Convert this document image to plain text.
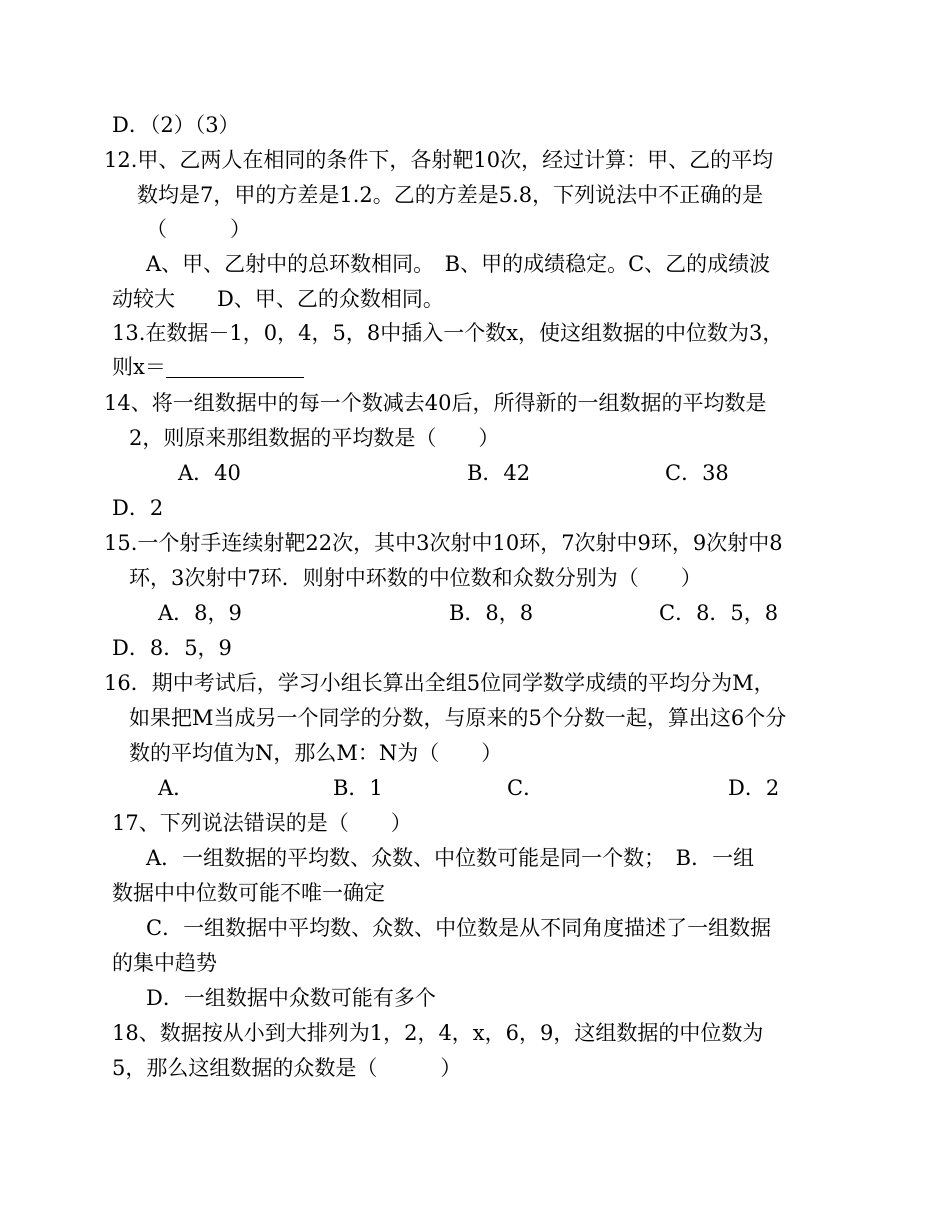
D．（2）（3）
12.甲、乙两人在相同的条件下，各射靶10次，经过计算：甲、乙的平均
数均是7，甲的方差是1.2。乙的方差是5.8，下列说法中不正确的是
（　　　）
A、甲、乙射中的总环数相同。　B、甲的成绩稳定。C、乙的成绩波
动较大　　D、甲、乙的众数相同。
13.在数据－1，0，4，5，8中插入一个数x，使这组数据的中位数为3，
则x＝
14、将一组数据中的每一个数减去40后，所得新的一组数据的平均数是
2，则原来那组数据的平均数是（　　）
A．40	B．42	C．38
D．2
15.一个射手连续射靶22次，其中3次射中10环，7次射中9环，9次射中8
环，3次射中7环．则射中环数的中位数和众数分别为（　　）
A．8，9	B．8，8	C．8．5，8
D．8．5，9
16．期中考试后，学习小组长算出全组5位同学数学成绩的平均分为M，
如果把M当成另一个同学的分数，与原来的5个分数一起，算出这6个分
数的平均值为N，那么M：N为（　　）
A．	B．1	C．	D．2
17、下列说法错误的是（　　）
A．一组数据的平均数、众数、中位数可能是同一个数；　B．一组
数据中中位数可能不唯一确定
C．一组数据中平均数、众数、中位数是从不同角度描述了一组数据
的集中趋势
D．一组数据中众数可能有多个
18、数据按从小到大排列为1，2，4，x，6，9，这组数据的中位数为
5，那么这组数据的众数是（　　　）
